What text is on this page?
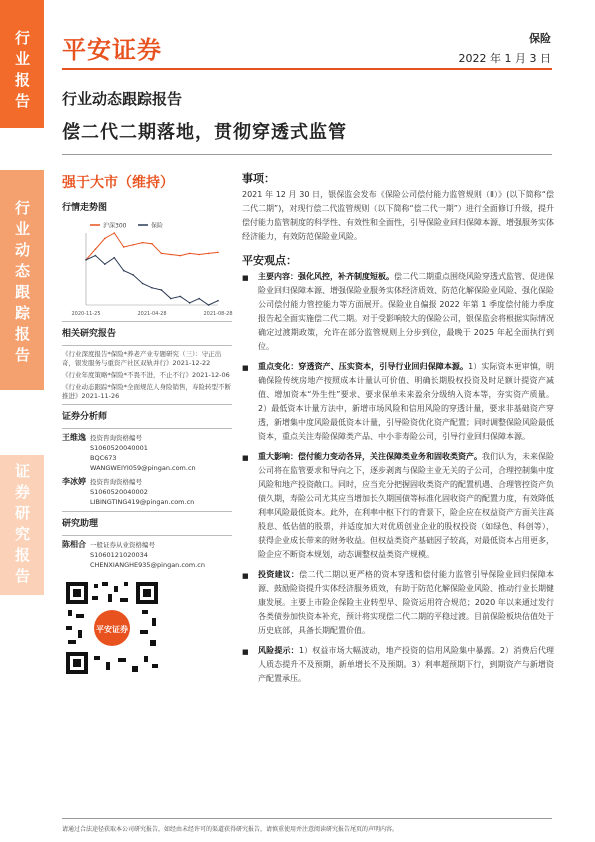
行业报告
行业动态跟踪报告
证券研究报告
平安证券	保险
2022 年 1 月 3 日
行业动态跟踪报告
偿二代二期落地，贯彻穿透式监管
强于大市（维持）
行情走势图
沪深300	保险
2020-11-25	2021-04-28	2021-08-28
相关研究报告
《行业深度报告*保险*养老产业专题研究（三）：守正出奇，银发服务与重资产社区双轨并行》2021-12-22
《行业年度策略*保险*不畏不进，不止不行》2021-12-06
《行业动态跟踪*保险*全面规范人身险销售，寿险转型不断推进》2021-11-26
证券分析师
王维逸 投资咨询资格编号
S1060520040001
BQC673
WANGWEIYI059@pingan.com.cn
李冰婷 投资咨询资格编号
S1060520040002
LIBINGTING419@pingan.com.cn
研究助理
陈相合 一般证券从业资格编号
S1060121020034
CHENXIANGHE935@pingan.com.cn
平安证券
事项：
2021 年 12 月 30 日，银保监会发布《保险公司偿付能力监管规则（Ⅱ）》(以下简称“偿二代二期”)，对现行偿二代监管规则（以下简称“偿二代一期”）进行全面修订升级，提升偿付能力监管制度的科学性、有效性和全面性，引导保险业回归保障本源、增强服务实体经济能力，有效防范保险业风险。
平安观点：
■	主要内容：强化风控，补齐制度短板。偿二代二期重点围绕风险穿透式监管、促进保险业回归保障本源、增强保险业服务实体经济质效、防范化解保险业风险、强化保险公司偿付能力管控能力等方面展开。保险业自偏报 2022 年第 1 季度偿付能力季度报告起全面实施偿二代二期。对于受影响较大的保险公司，银保监会将根据实际情况确定过渡期政策，允许在部分监管规则上分步到位，最晚于 2025 年起全面执行到位。
■	重点变化：穿透资产、压实资本，引导行业回归保障本源。1）实际资本更审慎，明确保险传统房地产按照成本计量认可价值、明确长期股权投资及时足额计提资产减值、增加资本“外生性”要求、要求保单未来盈余分级纳入资本等，夯实资产质量。2）最低资本计量方法中，新增市场风险和信用风险的穿透计量，要求非基础资产穿透，新增集中度风险最低资本计量，引导险资优化资产配置；同时调整保险风险最低资本，重点关注寿险保障类产品、中小非寿险公司，引导行业回归保障本源。
■	重大影响：偿付能力变动各异，关注保障类业务和固收类资产。我们认为，未来保险公司将在监管要求和导向之下，逐步剥离与保险主业无关的子公司，合理控制集中度风险和地产投资敞口。同时，应当充分把握固收类资产的配置机遇、合理管控资产负债久期，寿险公司尤其应当增加长久期国债等标准化固收资产的配置力度，有效降低利率风险最低资本。此外，在利率中枢下行的背景下，险企应在权益资产方面关注高股息、低估值的股票，并适度加大对优质创业企业的股权投资（如绿色、科创等），获得企业成长带来的财务收益。但权益类资产基础因子较高，对最低资本占用更多，险企应不断资本规划，动态调整权益类资产规模。
■	投资建议：偿二代二期以更严格的资本穿透和偿付能力监管引导保险业回归保障本源、鼓励险资提升实体经济服务质效，有助于防范化解保险业风险、推动行业长期健康发展。主要上市险企保险主业转型早、险资运用符合规范；2020 年以来通过发行各类债券加快资本补充，预计将实现偿二代二期的平稳过渡。目前保险板块估值处于历史底部，具备长期配置价值。
■	风险提示：1）权益市场大幅波动，地产投资的信用风险集中暴露。2）消费后代理人质态提升不及预期，新单增长不及预期。3）利率超预期下行，到期资产与新增资产配置承压。
请通过合法途径获取本公司研究报告，如经由未经许可的渠道获得研究报告，请慎重使用并注意阅读研究报告尾页的声明内容。
